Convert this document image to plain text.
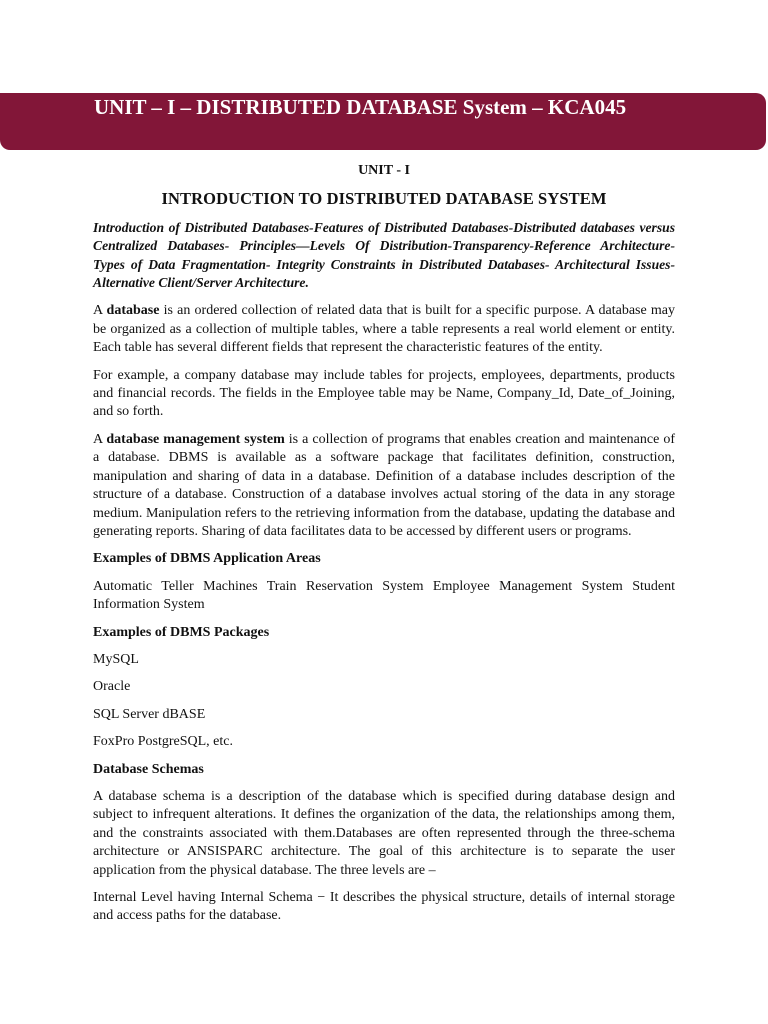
UNIT – I – DISTRIBUTED DATABASE System – KCA045
UNIT - I
INTRODUCTION TO DISTRIBUTED DATABASE SYSTEM

Introduction of Distributed Databases-Features of Distributed Databases-Distributed databases versus Centralized Databases- Principles—Levels Of Distribution-Transparency-Reference Architecture- Types of Data Fragmentation- Integrity Constraints in Distributed Databases- Architectural Issues- Alternative Client/Server Architecture.

A database is an ordered collection of related data that is built for a specific purpose. A database may be organized as a collection of multiple tables, where a table represents a real world element or entity. Each table has several different fields that represent the characteristic features of the entity.

For example, a company database may include tables for projects, employees, departments, products and financial records. The fields in the Employee table may be Name, Company_Id, Date_of_Joining, and so forth.

A database management system is a collection of programs that enables creation and maintenance of a database. DBMS is available as a software package that facilitates definition, construction, manipulation and sharing of data in a database. Definition of a database includes description of the structure of a database. Construction of a database involves actual storing of the data in any storage medium. Manipulation refers to the retrieving information from the database, updating the database and generating reports. Sharing of data facilitates data to be accessed by different users or programs.

Examples of DBMS Application Areas

Automatic Teller Machines Train Reservation System Employee Management System Student Information System

Examples of DBMS Packages

MySQL

Oracle

SQL Server dBASE

FoxPro PostgreSQL, etc.

Database Schemas

A database schema is a description of the database which is specified during database design and subject to infrequent alterations. It defines the organization of the data, the relationships among them, and the constraints associated with them.Databases are often represented through the three-schema architecture or ANSISPARC architecture. The goal of this architecture is to separate the user application from the physical database. The three levels are –

Internal Level having Internal Schema − It describes the physical structure, details of internal storage and access paths for the database.
